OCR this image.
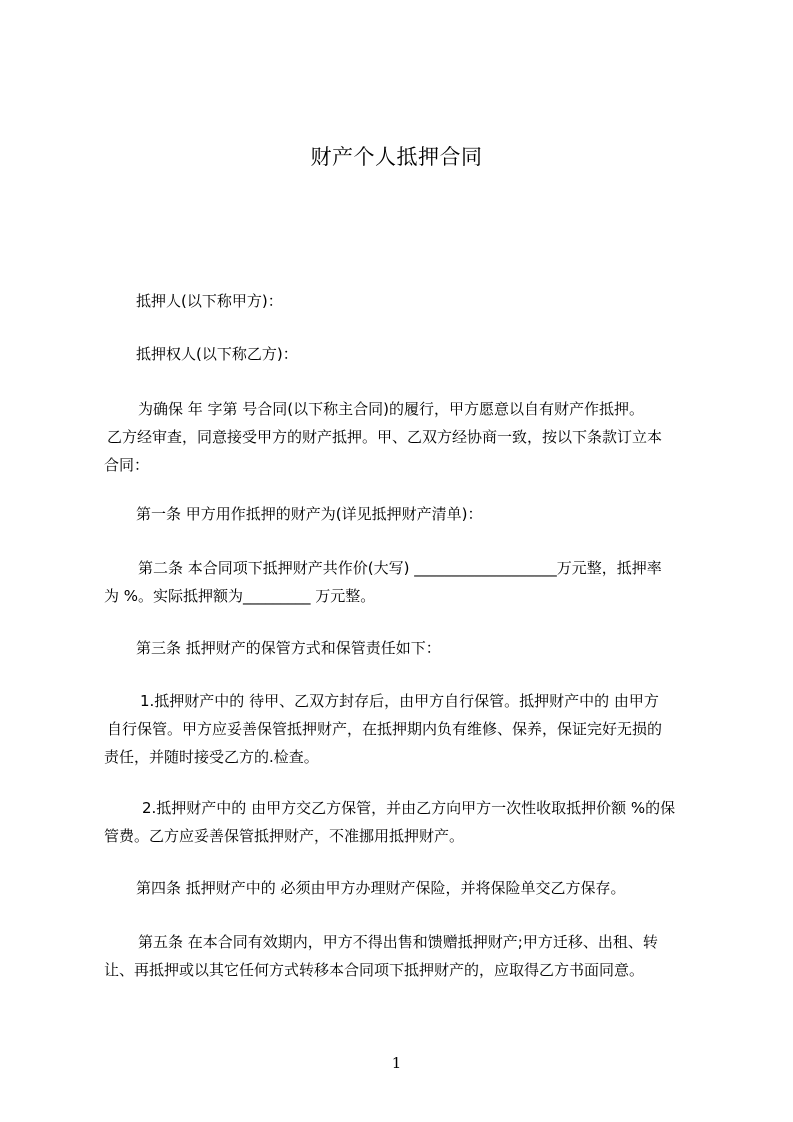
财产个人抵押合同
抵押人(以下称甲方)：
抵押权人(以下称乙方)：
为确保 年 字第 号合同(以下称主合同)的履行，甲方愿意以自有财产作抵押。
乙方经审查，同意接受甲方的财产抵押。甲、乙双方经协商一致，按以下条款订立本
合同：
第一条 甲方用作抵押的财产为(详见抵押财产清单)：
第二条 本合同项下抵押财产共作价(大写) ___________________万元整，抵押率
为 %。实际抵押额为_________ 万元整。
第三条 抵押财产的保管方式和保管责任如下：
1.抵押财产中的 待甲、乙双方封存后，由甲方自行保管。抵押财产中的 由甲方
自行保管。甲方应妥善保管抵押财产，在抵押期内负有维修、保养，保证完好无损的
责任，并随时接受乙方的.检查。
2.抵押财产中的 由甲方交乙方保管，并由乙方向甲方一次性收取抵押价额 %的保
管费。乙方应妥善保管抵押财产，不准挪用抵押财产。
第四条 抵押财产中的 必须由甲方办理财产保险，并将保险单交乙方保存。
第五条 在本合同有效期内，甲方不得出售和馈赠抵押财产;甲方迁移、出租、转
让、再抵押或以其它任何方式转移本合同项下抵押财产的，应取得乙方书面同意。
1
